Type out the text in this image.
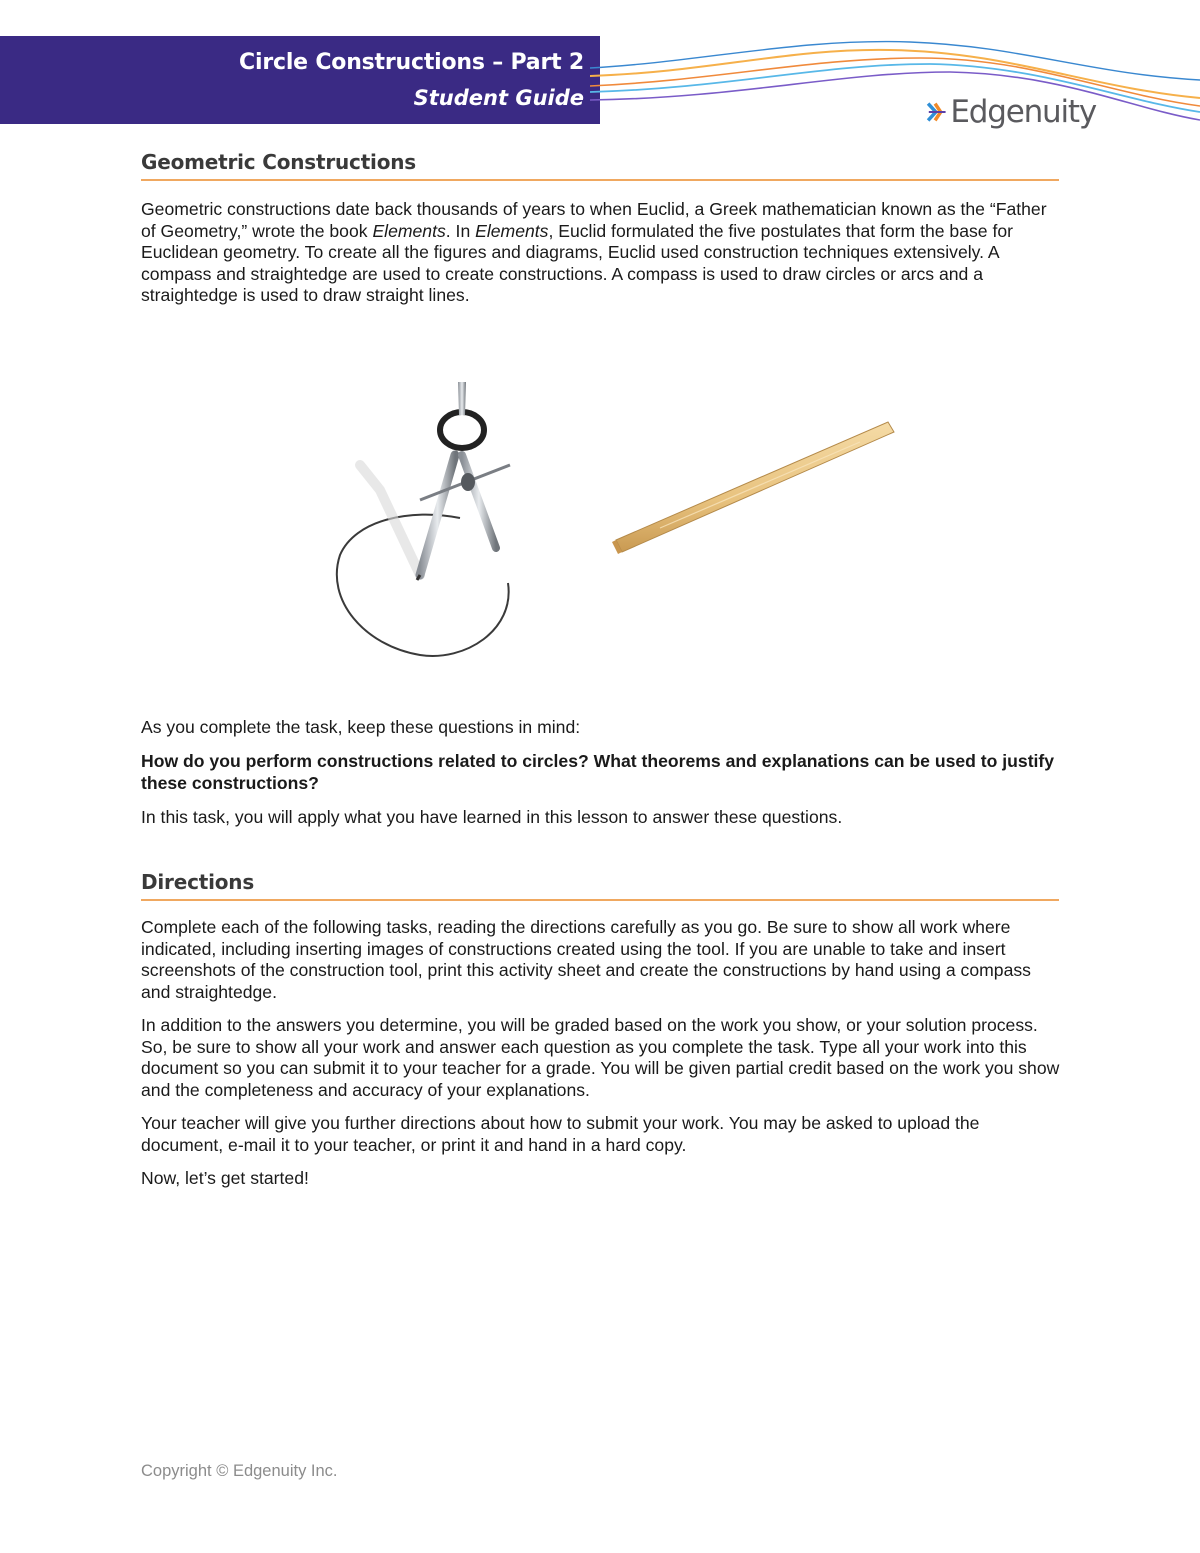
Circle Constructions – Part 2
Student Guide	Edgenuity
Geometric Constructions

Geometric constructions date back thousands of years to when Euclid, a Greek mathematician known as the “Father of Geometry,” wrote the book Elements. In Elements, Euclid formulated the five postulates that form the base for Euclidean geometry. To create all the figures and diagrams, Euclid used construction techniques extensively. A compass and straightedge are used to create constructions. A compass is used to draw circles or arcs and a straightedge is used to draw straight lines.

As you complete the task, keep these questions in mind:

How do you perform constructions related to circles? What theorems and explanations can be used to justify these constructions?

In this task, you will apply what you have learned in this lesson to answer these questions.

Directions

Complete each of the following tasks, reading the directions carefully as you go. Be sure to show all work where indicated, including inserting images of constructions created using the tool. If you are unable to take and insert screenshots of the construction tool, print this activity sheet and create the constructions by hand using a compass and straightedge.

In addition to the answers you determine, you will be graded based on the work you show, or your solution process. So, be sure to show all your work and answer each question as you complete the task. Type all your work into this document so you can submit it to your teacher for a grade. You will be given partial credit based on the work you show and the completeness and accuracy of your explanations.

Your teacher will give you further directions about how to submit your work. You may be asked to upload the document, e-mail it to your teacher, or print it and hand in a hard copy.

Now, let’s get started!

Copyright © Edgenuity Inc.
